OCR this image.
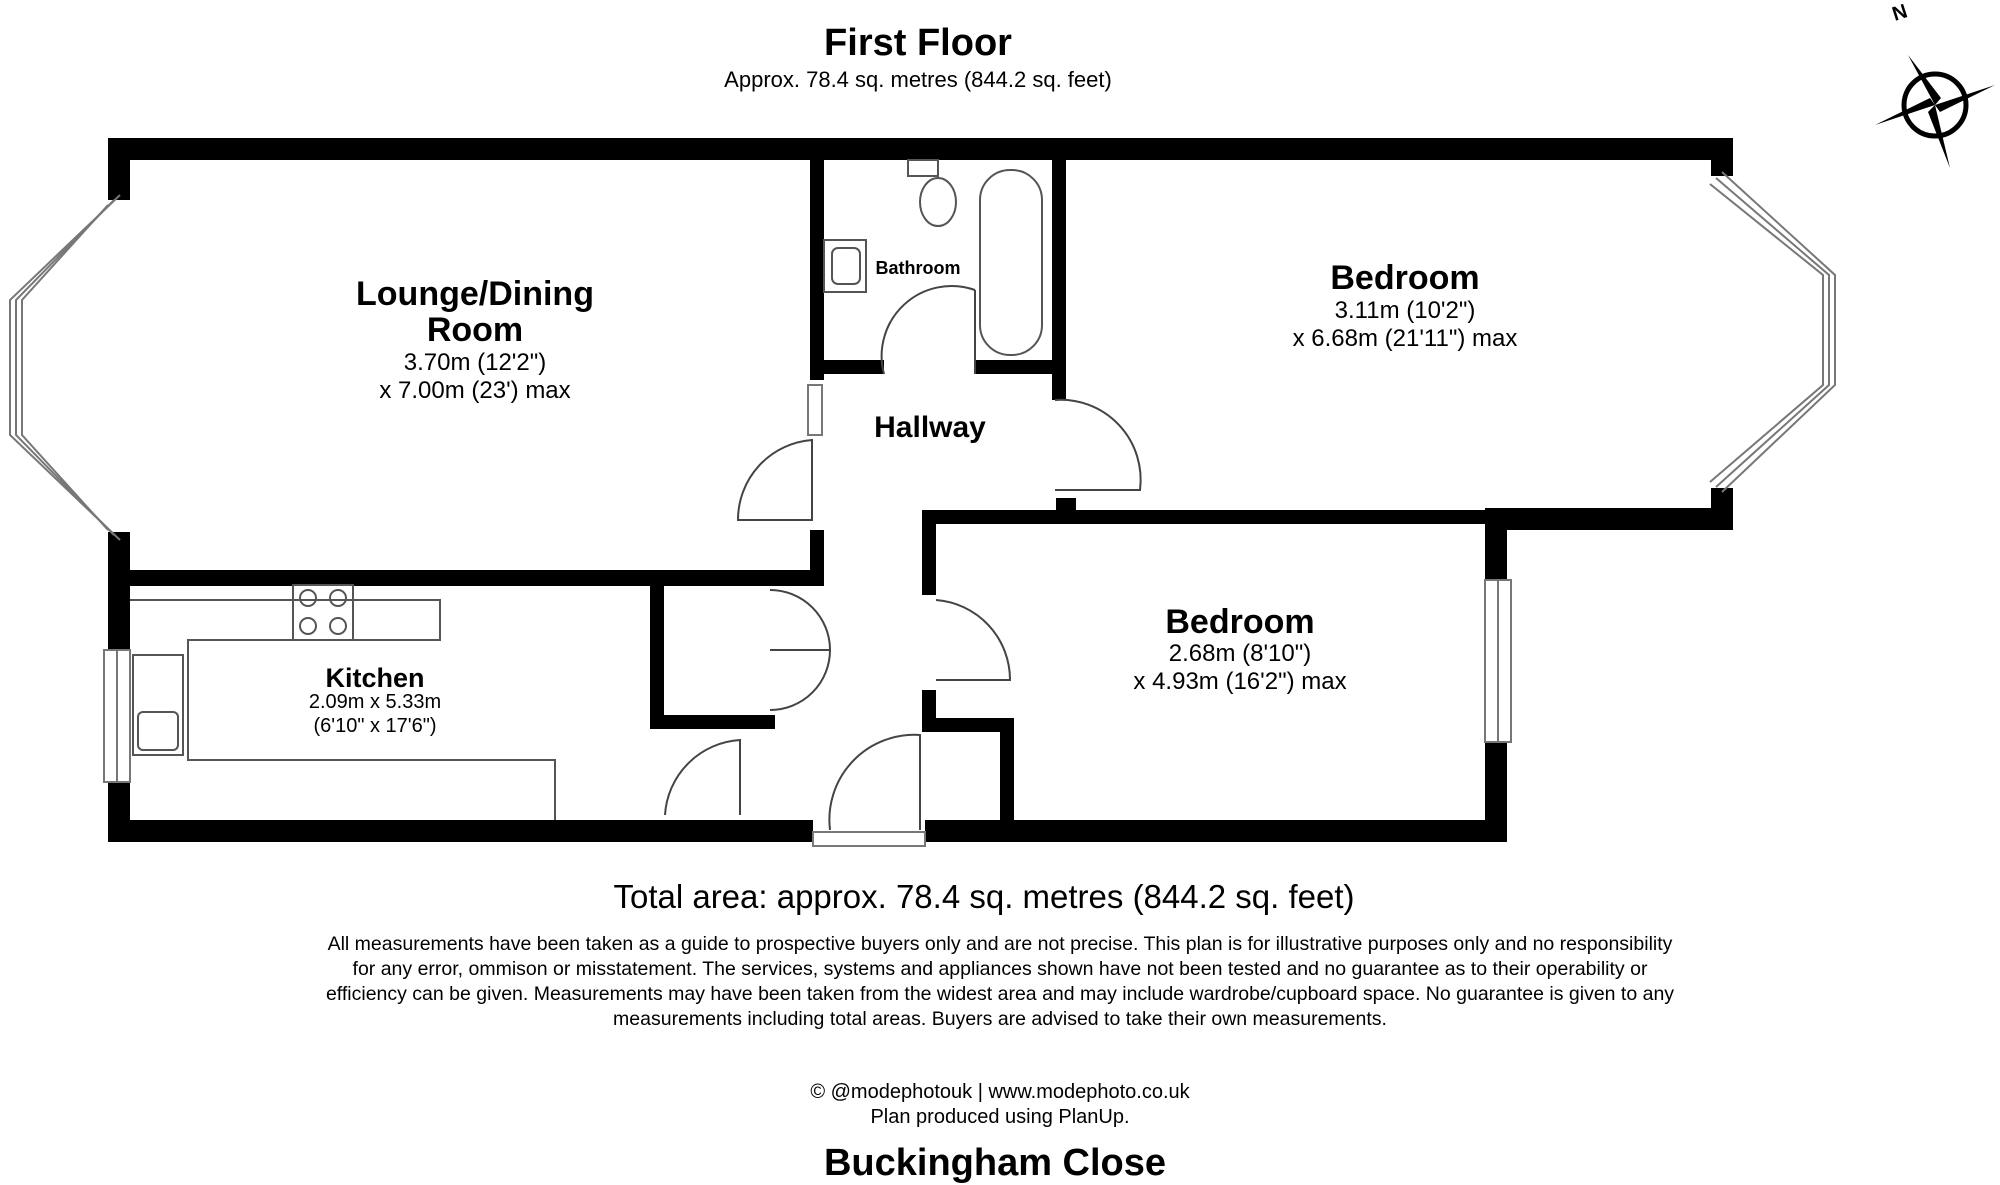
N
First Floor
Approx. 78.4 sq. metres (844.2 sq. feet)
Lounge/Dining
Room
3.70m (12'2")
x 7.00m (23') max
Bathroom
Hallway
Bedroom
3.11m (10'2")
x 6.68m (21'11") max
Bedroom
2.68m (8'10")
x 4.93m (16'2") max
Kitchen
2.09m x 5.33m
(6'10" x 17'6")
Total area: approx. 78.4 sq. metres (844.2 sq. feet)
All measurements have been taken as a guide to prospective buyers only and are not precise. This plan is for illustrative purposes only and no responsibility for any error, ommison or misstatement. The services, systems and appliances shown have not been tested and no guarantee as to their operability or efficiency can be given. Measurements may have been taken from the widest area and may include wardrobe/cupboard space. No guarantee is given to any measurements including total areas. Buyers are advised to take their own measurements.
© @modephotouk | www.modephoto.co.uk
Plan produced using PlanUp.
Buckingham Close
